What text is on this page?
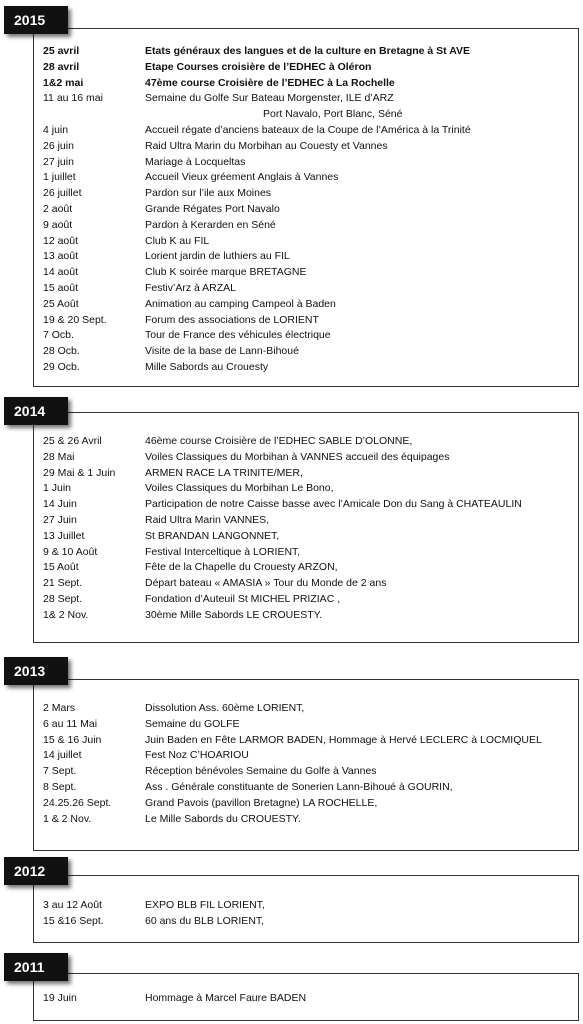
2015
25 avril	Etats généraux des langues et de la culture en Bretagne à St AVE
28 avril	Etape Courses croisière de l’EDHEC à Oléron
1&2 mai	47ème course Croisière de l’EDHEC à La Rochelle
11 au 16 mai	Semaine du Golfe Sur Bateau Morgenster, ILE d’ARZ
Port Navalo, Port Blanc, Séné
4 juin	Accueil régate d’anciens bateaux de la Coupe de l’América à la Trinité
26 juin	Raid Ultra Marin du Morbihan au Couesty et Vannes
27 juin	Mariage à Locqueltas
1 juillet	Accueil Vieux gréement Anglais à Vannes
26 juillet	Pardon sur l’ile aux Moines
2 août	Grande Régates Port Navalo
9 août	Pardon à Kerarden en Séné
12 août	Club K au FIL
13 août	Lorient jardin de luthiers au FIL
14 août	Club K soirée marque BRETAGNE
15 août	Festiv’Arz à ARZAL
25 Août	Animation au camping Campeol à Baden
19 & 20 Sept.	Forum des associations de LORIENT
7 Ocb.	Tour de France des véhicules électrique
28 Ocb.	Visite de la base de Lann-Bihoué
29 Ocb.	Mille Sabords au Crouesty
2014
25 & 26 Avril	46ème course Croisière de l’EDHEC SABLE D’OLONNE,
28 Mai	Voiles Classiques du Morbihan à VANNES accueil des équipages
29 Mai & 1 Juin	ARMEN RACE LA TRINITE/MER,
1 Juin	Voiles Classiques du Morbihan Le Bono,
14 Juin	Participation de notre Caisse basse avec l’Amicale Don du Sang à CHATEAULIN
27 Juin	Raid Ultra Marin VANNES,
13 Juillet	St BRANDAN LANGONNET,
9 & 10 Août	Festival Interceltique à LORIENT,
15 Août	Fête de la Chapelle du Crouesty ARZON,
21 Sept.	Départ bateau « AMASIA » Tour du Monde de 2 ans
28 Sept.	Fondation d’Auteuil St MICHEL PRIZIAC ,
1& 2 Nov.	30ème Mille Sabords LE CROUESTY.
2013
2 Mars	Dissolution Ass. 60ème LORIENT,
6 au 11 Mai	Semaine du GOLFE
15 & 16 Juin	Juin Baden en Fête LARMOR BADEN, Hommage à Hervé LECLERC à LOCMIQUEL
14 juillet	Fest Noz C’HOARIOU
7 Sept.	Réception bénévoles Semaine du Golfe à Vannes
8 Sept.	Ass . Générale constituante de Sonerien Lann-Bihoué à GOURIN,
24.25.26 Sept.	Grand Pavois (pavillon Bretagne) LA ROCHELLE,
1 & 2 Nov.	Le Mille Sabords du CROUESTY.
2012
3 au 12 Août	EXPO BLB FIL LORIENT,
15 &16 Sept.	60 ans du BLB LORIENT,
2011
19 Juin	Hommage à Marcel Faure BADEN
